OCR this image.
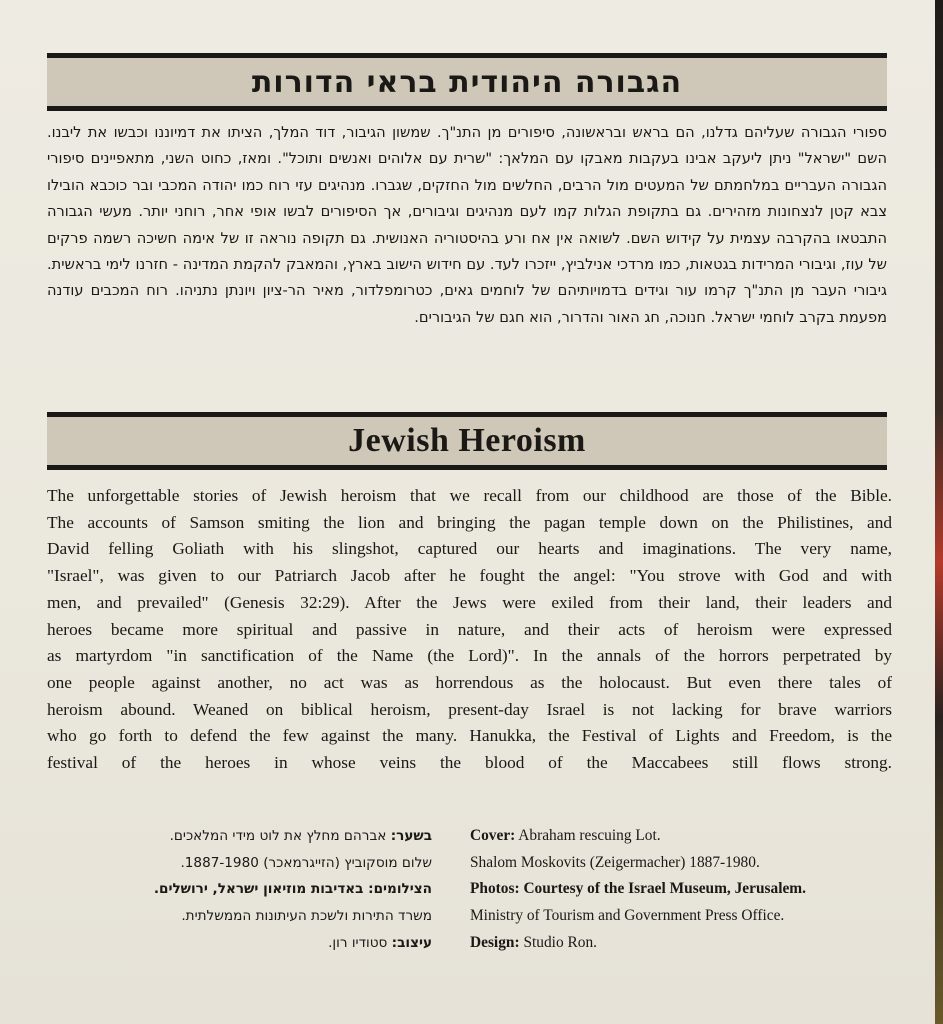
הגבורה היהודית בראי הדורות
ספורי הגבורה שעליהם גדלנו, הם בראש ובראשונה, סיפורים מן התנ"ך. שמשון הגיבור, דוד המלך, הציתו את דמיוננו וכבשו את ליבנו. השם "ישראל" ניתן ליעקב אבינו בעקבות מאבקו עם המלאך: "שרית עם אלוהים ואנשים ותוכל". ומאז, כחוט השני, מתאפיינים סיפורי הגבורה העבריים במלחמתם של המעטים מול הרבים, החלשים מול החזקים, שגברו. מנהיגים עזי רוח כמו יהודה המכבי ובר כוכבא הובילו צבא קטן לנצחונות מזהירים. גם בתקופת הגלות קמו לעם מנהיגים וגיבורים, אך הסיפורים לבשו אופי אחר, רוחני יותר. מעשי הגבורה התבטאו בהקרבה עצמית על קידוש השם. לשואה אין אח ורע בהיסטוריה האנושית. גם תקופה נוראה זו של אימה חשיכה רשמה פרקים של עוז, וגיבורי המרידות בגטאות, כמו מרדכי אנילביץ, ייזכרו לעד. עם חידוש הישוב בארץ, והמאבק להקמת המדינה - חזרנו לימי בראשית. גיבורי העבר מן התנ"ך קרמו עור וגידים בדמויותיהם של לוחמים גאים, כטרומפלדור, מאיר הר-ציון ויונתן נתניהו. רוח המכבים עודנה מפעמת בקרב לוחמי ישראל. חנוכה, חג האור והדרור, הוא חגם של הגיבורים.
Jewish Heroism
The unforgettable stories of Jewish heroism that we recall from our childhood are those of the Bible.
The accounts of Samson smiting the lion and bringing the pagan temple down on the Philistines, and
David felling Goliath with his slingshot, captured our hearts and imaginations. The very name,
"Israel", was given to our Patriarch Jacob after he fought the angel: "You strove with God and with
men, and prevailed" (Genesis 32:29). After the Jews were exiled from their land, their leaders and
heroes became more spiritual and passive in nature, and their acts of heroism were expressed
as martyrdom "in sanctification of the Name (the Lord)". In the annals of the horrors perpetrated by
one people against another, no act was as horrendous as the holocaust. But even there tales of
heroism abound. Weaned on biblical heroism, present-day Israel is not lacking for brave warriors
who go forth to defend the few against the many. Hanukka, the Festival of Lights and Freedom, is the
festival of the heroes in whose veins the blood of the Maccabees still flows strong.
בשער: אברהם מחלץ את לוט מידי המלאכים.
שלום מוסקוביץ (הזייגרמאכר) 1887-1980.
הצילומים: באדיבות מוזיאון ישראל, ירושלים.
משרד התירות ולשכת העיתונות הממשלתית.
עיצוב: סטודיו רון.
Cover: Abraham rescuing Lot.
Shalom Moskovits (Zeigermacher) 1887-1980.
Photos: Courtesy of the Israel Museum, Jerusalem.
Ministry of Tourism and Government Press Office.
Design: Studio Ron.
